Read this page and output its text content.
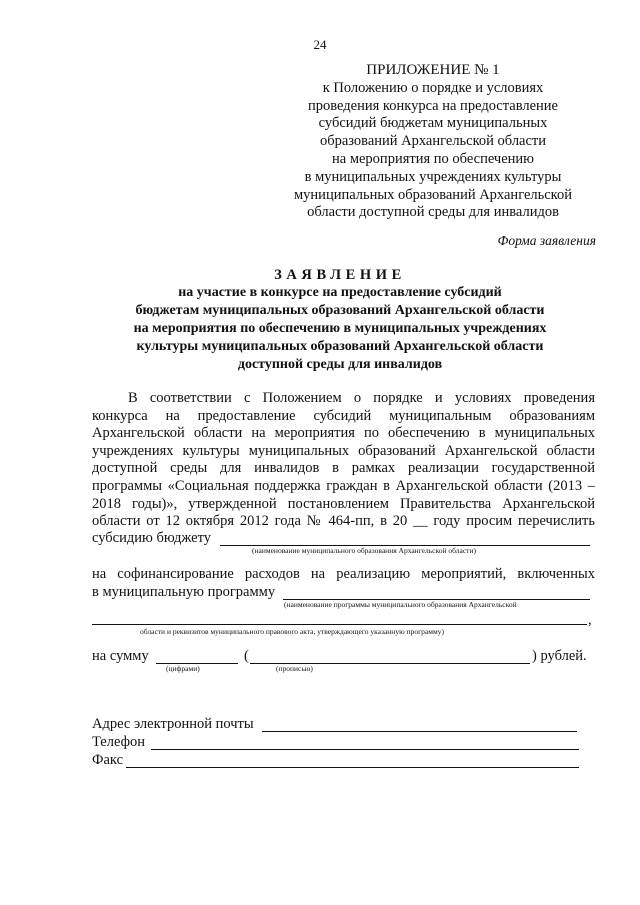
24
ПРИЛОЖЕНИЕ № 1
к Положению о порядке и условиях
проведения конкурса на предоставление
субсидий бюджетам муниципальных
образований Архангельской области
на мероприятия по обеспечению
в муниципальных учреждениях культуры
муниципальных образований Архангельской
области доступной среды для инвалидов
Форма заявления
ЗАЯВЛЕНИЕ
на участие в конкурсе на предоставление субсидий
бюджетам муниципальных образований Архангельской области
на мероприятия по обеспечению в муниципальных учреждениях
культуры муниципальных образований Архангельской области
доступной среды для инвалидов
В соответствии с Положением о порядке и условиях проведения
конкурса на предоставление субсидий муниципальным образованиям
Архангельской области на мероприятия по обеспечению в муниципальных
учреждениях культуры муниципальных образований Архангельской области
доступной среды для инвалидов в рамках реализации государственной
программы «Социальная поддержка граждан в Архангельской области (2013 –
2018 годы)», утвержденной постановлением Правительства Архангельской
области от 12 октября 2012 года № 464-пп, в 20 __ году просим перечислить
субсидию бюджету
(наименование муниципального образования Архангельской области)
на софинансирование расходов на реализацию мероприятий, включенных
в муниципальную программу
(наименование программы муниципального образования Архангельской
,
области и реквизитов муниципального правового акта, утверждающего указанную программу)
на сумму	(	) рублей.
(цифрами)	(прописью)
Адрес электронной почты
Телефон
Факс
